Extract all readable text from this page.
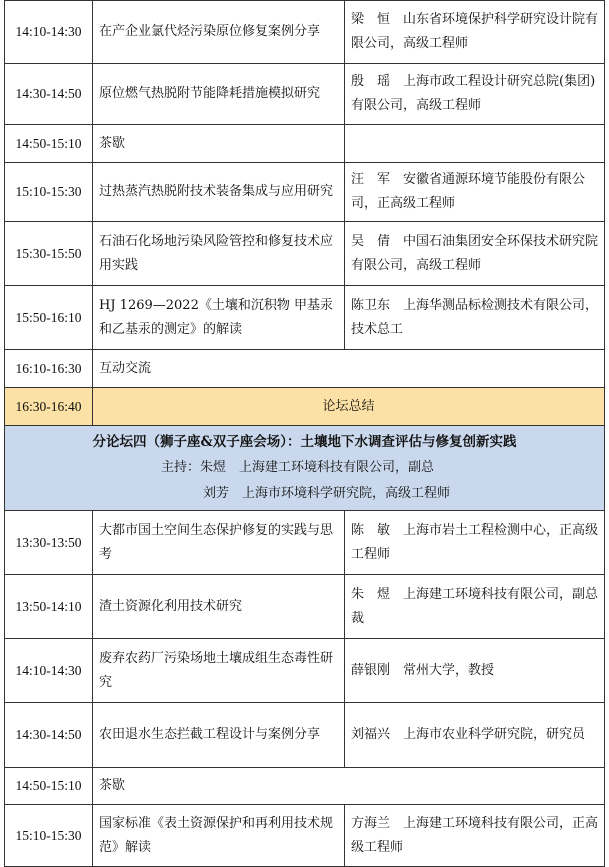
14:10-14:30	在产企业氯代烃污染原位修复案例分享	梁　恒　山东省环境保护科学研究设计院有限公司，高级工程师
14:30-14:50	原位燃气热脱附节能降耗措施模拟研究	殷　瑶　上海市政工程设计研究总院(集团)有限公司，高级工程师
14:50-15:10	茶歇	
15:10-15:30	过热蒸汽热脱附技术装备集成与应用研究	汪　军　安徽省通源环境节能股份有限公司，正高级工程师
15:30-15:50	石油石化场地污染风险管控和修复技术应用实践	吴　倩　中国石油集团安全环保技术研究院有限公司，高级工程师
15:50-16:10	HJ 1269—2022《土壤和沉积物 甲基汞和乙基汞的测定》的解读	陈卫东　上海华测品标检测技术有限公司，技术总工
16:10-16:30	互动交流	
16:30-16:40	论坛总结	

分论坛四（狮子座&双子座会场）：土壤地下水调查评估与修复创新实践
主持：朱煜　上海建工环境科技有限公司，副总
刘芳　上海市环境科学研究院，高级工程师		

13:30-13:50	大都市国土空间生态保护修复的实践与思考	陈　敏　上海市岩土工程检测中心，正高级工程师
13:50-14:10	渣土资源化利用技术研究	朱　煜　上海建工环境科技有限公司，副总裁
14:10-14:30	废弃农药厂污染场地土壤成组生态毒性研究	薛银刚　常州大学，教授
14:30-14:50	农田退水生态拦截工程设计与案例分享	刘福兴　上海市农业科学研究院，研究员
14:50-15:10	茶歇	
15:10-15:30	国家标准《表土资源保护和再利用技术规范》解读	方海兰　上海建工环境科技有限公司，正高级工程师
